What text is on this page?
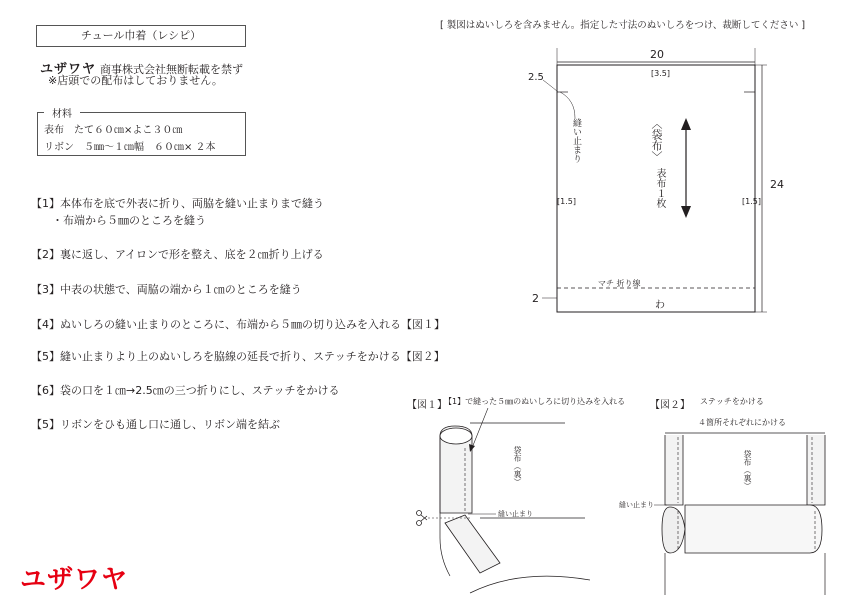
チュール巾着（レシピ）
ユザワヤ 商事株式会社無断転載を禁ず
※店頭での配布はしておりません。
表布　たて６０㎝×よこ３０㎝
リボン　５㎜〜１㎝幅　６０㎝× ２本
材料
【1】本体布を底で外表に折り、両脇を縫い止まりまで縫う
・布端から５㎜のところを縫う
【2】裏に返し、アイロンで形を整え、底を２㎝折り上げる
【3】中表の状態で、両脇の端から１㎝のところを縫う
【4】ぬいしろの縫い止まりのところに、布端から５㎜の切り込みを入れる【図１】
【5】縫い止まりより上のぬいしろを脇線の延長で折り、ステッチをかける【図２】
【6】袋の口を１㎝→2.5㎝の三つ折りにし、ステッチをかける
【5】リボンをひも通し口に通し、リボン端を結ぶ
ユザワヤ
[ 製図はぬいしろを含みません。指定した寸法のぬいしろをつけ、裁断してください ]
20
24
2.5	[3.5]
[1.5]	[1.5]
2
マチ 折り線
わ
縫い止まり	〈袋布〉
表布１枚
【図１】
【1】で縫った５㎜のぬいしろに切り込みを入れる
袋布（裏）
縫い止まり
【図２】 ステッチをかける
４箇所それぞれにかける
袋布（裏）
縫い止まり
